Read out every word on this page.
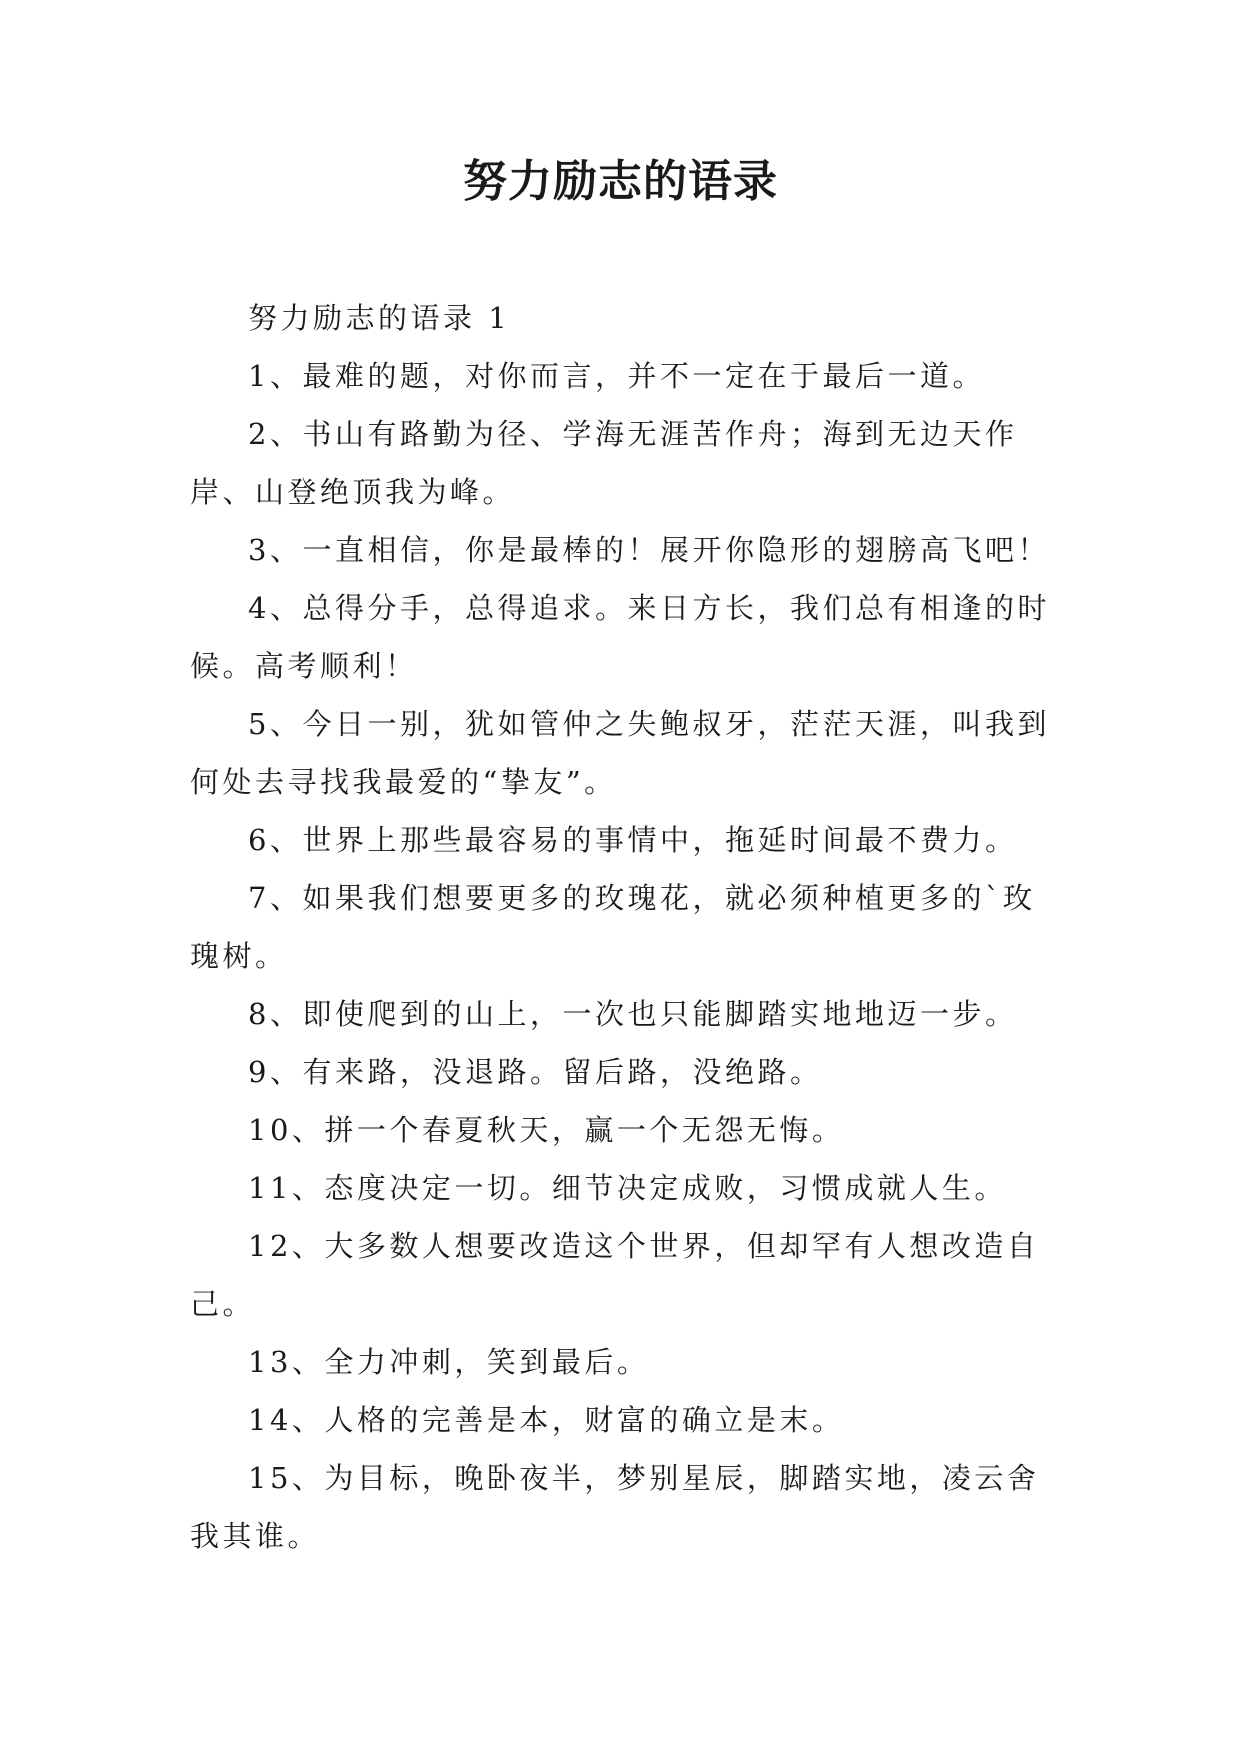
努力励志的语录

努力励志的语录 1

1、最难的题，对你而言，并不一定在于最后一道。

2、书山有路勤为径、学海无涯苦作舟；海到无边天作岸、山登绝顶我为峰。

3、一直相信，你是最棒的！展开你隐形的翅膀高飞吧！

4、总得分手，总得追求。来日方长，我们总有相逢的时候。高考顺利！

5、今日一别，犹如管仲之失鲍叔牙，茫茫天涯，叫我到何处去寻找我最爱的“挚友”。

6、世界上那些最容易的事情中，拖延时间最不费力。

7、如果我们想要更多的玫瑰花，就必须种植更多的`玫瑰树。

8、即使爬到的山上，一次也只能脚踏实地地迈一步。

9、有来路，没退路。留后路，没绝路。

10、拼一个春夏秋天，赢一个无怨无悔。

11、态度决定一切。细节决定成败，习惯成就人生。

12、大多数人想要改造这个世界，但却罕有人想改造自己。

13、全力冲刺，笑到最后。

14、人格的完善是本，财富的确立是末。

15、为目标，晚卧夜半，梦别星辰，脚踏实地，凌云舍我其谁。
